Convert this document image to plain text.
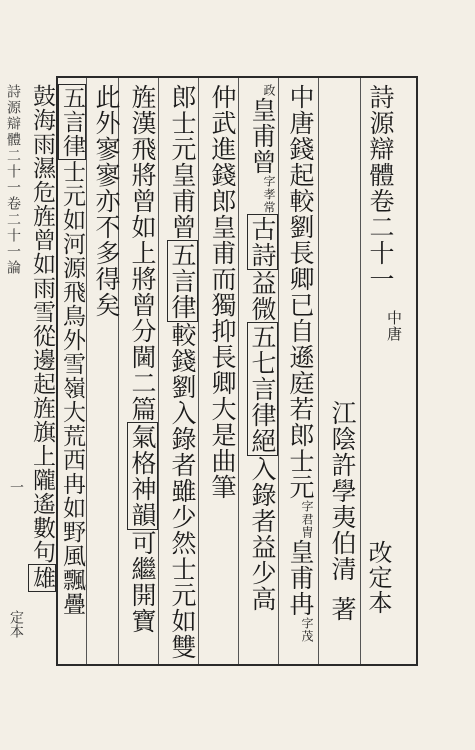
詩源辯體卷二十一
改定本
中唐
江陰許學夷伯清著
中唐錢起較劉長卿已自遜庭若郎士元字君冑皇甫冉字茂
政皇甫曾字孝常古詩益微五七言律絕入錄者益少高
仲武進錢郎皇甫而獨抑長卿大是曲筆
郎士元皇甫曾五言律較錢劉入錄者雖少然士元如雙
旌漢飛將曾如上將曾分閫二篇氣格神韻可繼開寶
此外寥寥亦不多得矣
五言律士元如河源飛鳥外雪嶺大荒西冉如野風飄疊
鼓海雨濕危旌曾如雨雪從邊起旌旗上隴遙數句雄
詩源辯體二十一卷二十一論
一
定本
